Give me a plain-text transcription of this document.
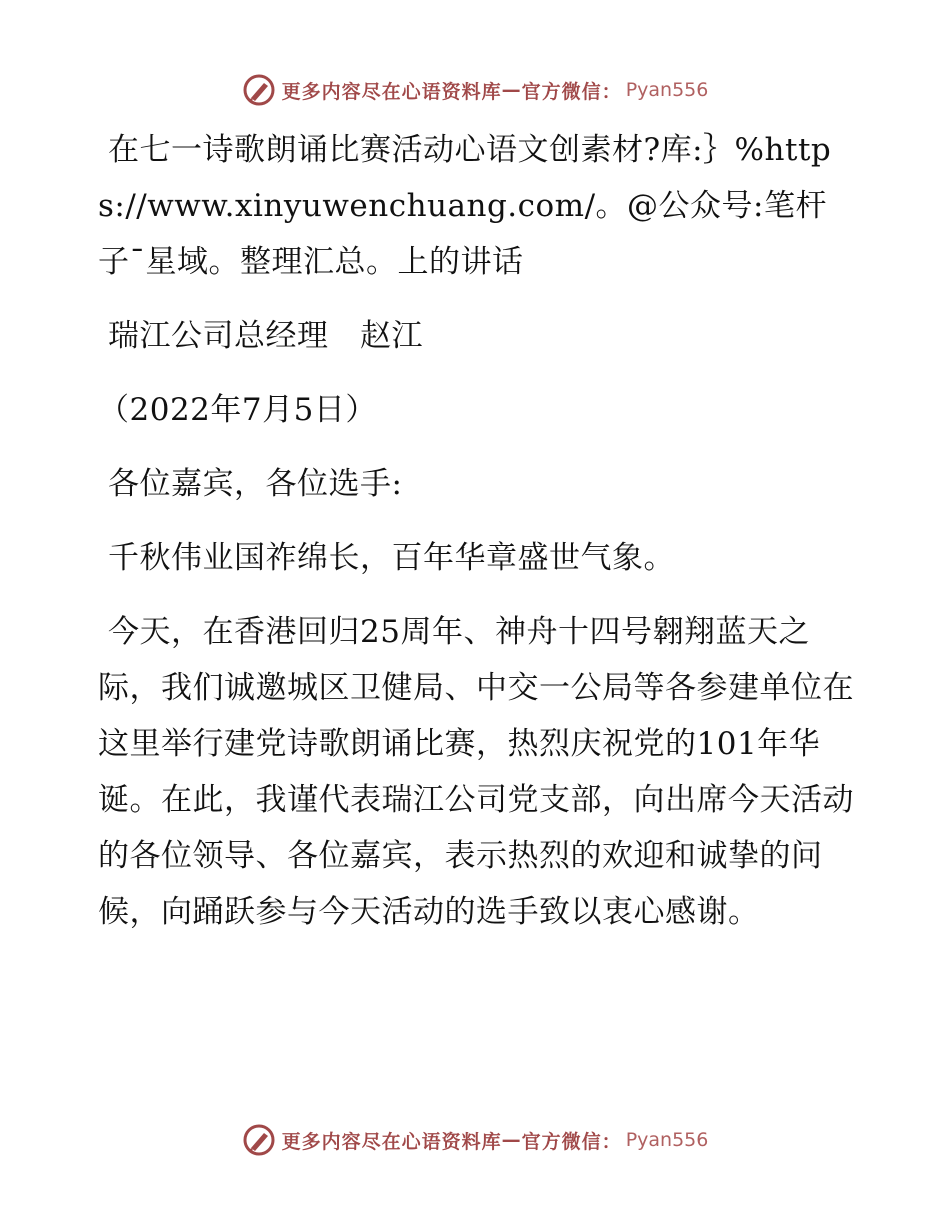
更多内容尽在心语资料库 — 官方微信： Pyan556

在七一诗歌朗诵比赛活动心语文创素材?库:｝%https://www.xinyuwenchuang.com/。@公众号:笔杆子¯星域。整理汇总。上的讲话

瑞江公司总经理　赵江

（2022年7月5日）

各位嘉宾，各位选手:

千秋伟业国祚绵长，百年华章盛世气象。

今天，在香港回归25周年、神舟十四号翱翔蓝天之际，我们诚邀城区卫健局、中交一公局等各参建单位在这里举行建党诗歌朗诵比赛，热烈庆祝党的101年华诞。在此，我谨代表瑞江公司党支部，向出席今天活动的各位领导、各位嘉宾，表示热烈的欢迎和诚挚的问候，向踊跃参与今天活动的选手致以衷心感谢。

更多内容尽在心语资料库 — 官方微信： Pyan556
